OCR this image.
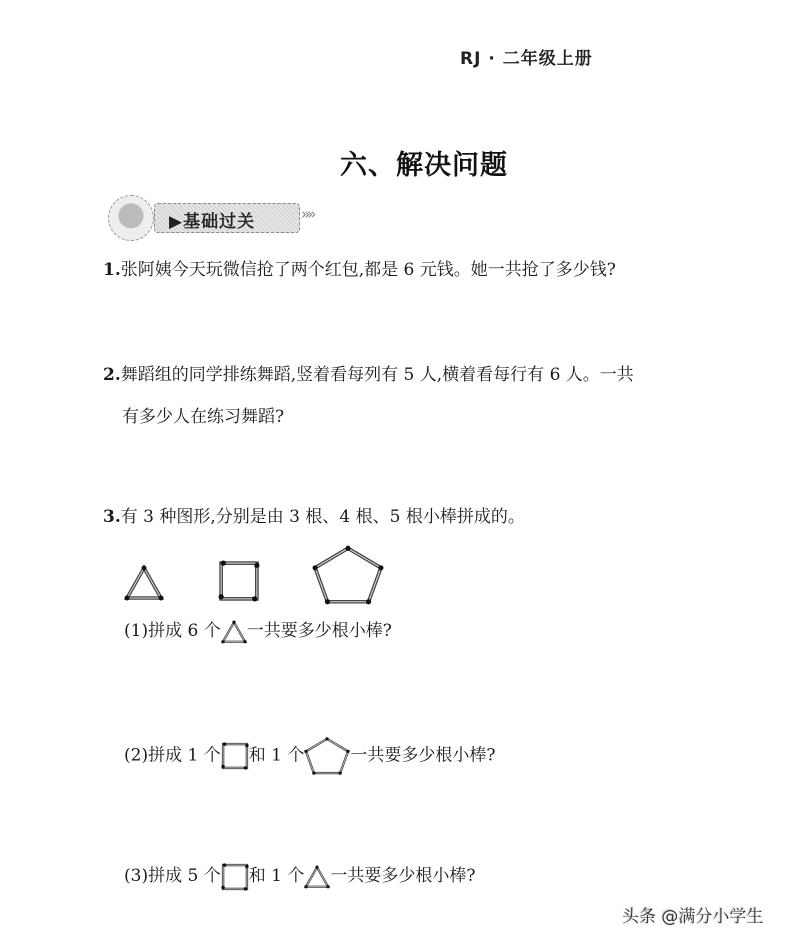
RJ · 二年级上册
六、解决问题
▶基础过关	»»
1.张阿姨今天玩微信抢了两个红包,都是 6 元钱。她一共抢了多少钱?
2.舞蹈组的同学排练舞蹈,竖着看每列有 5 人,横着看每行有 6 人。一共
有多少人在练习舞蹈?
3.有 3 种图形,分别是由 3 根、4 根、5 根小棒拼成的。
(1)拼成 6 个 一共要多少根小棒?
(2)拼成 1 个 和 1 个	一共要多少根小棒?
(3)拼成 5 个 和 1 个 一共要多少根小棒?
头条 @满分小学生
